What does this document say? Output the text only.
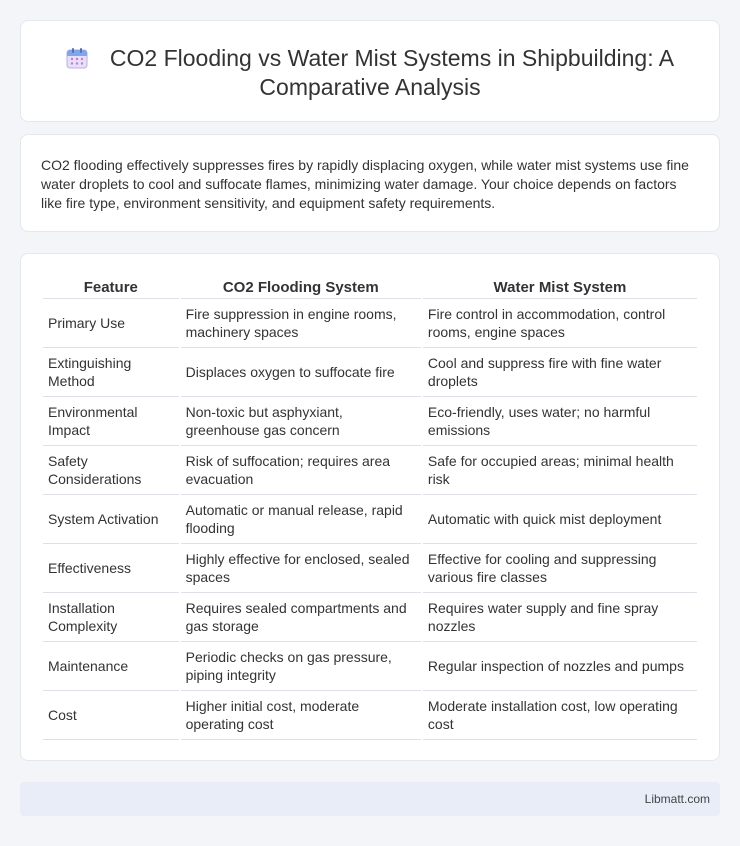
CO2 Flooding vs Water Mist Systems in Shipbuilding: A
Comparative Analysis

CO2 flooding effectively suppresses fires by rapidly displacing oxygen, while water mist systems use fine water droplets to cool and suffocate flames, minimizing water damage. Your choice depends on factors like fire type, environment sensitivity, and equipment safety requirements.

Feature	CO2 Flooding System	Water Mist System
Primary Use	Fire suppression in engine rooms, machinery spaces	Fire control in accommodation, control rooms, engine spaces
Extinguishing Method	Displaces oxygen to suffocate fire	Cool and suppress fire with fine water droplets
Environmental Impact	Non-toxic but asphyxiant, greenhouse gas concern	Eco-friendly, uses water; no harmful emissions
Safety Considerations	Risk of suffocation; requires area evacuation	Safe for occupied areas; minimal health risk
System Activation	Automatic or manual release, rapid flooding	Automatic with quick mist deployment
Effectiveness	Highly effective for enclosed, sealed spaces	Effective for cooling and suppressing various fire classes
Installation Complexity	Requires sealed compartments and gas storage	Requires water supply and fine spray nozzles
Maintenance	Periodic checks on gas pressure, piping integrity	Regular inspection of nozzles and pumps
Cost	Higher initial cost, moderate operating cost	Moderate installation cost, low operating cost
Libmatt.com
